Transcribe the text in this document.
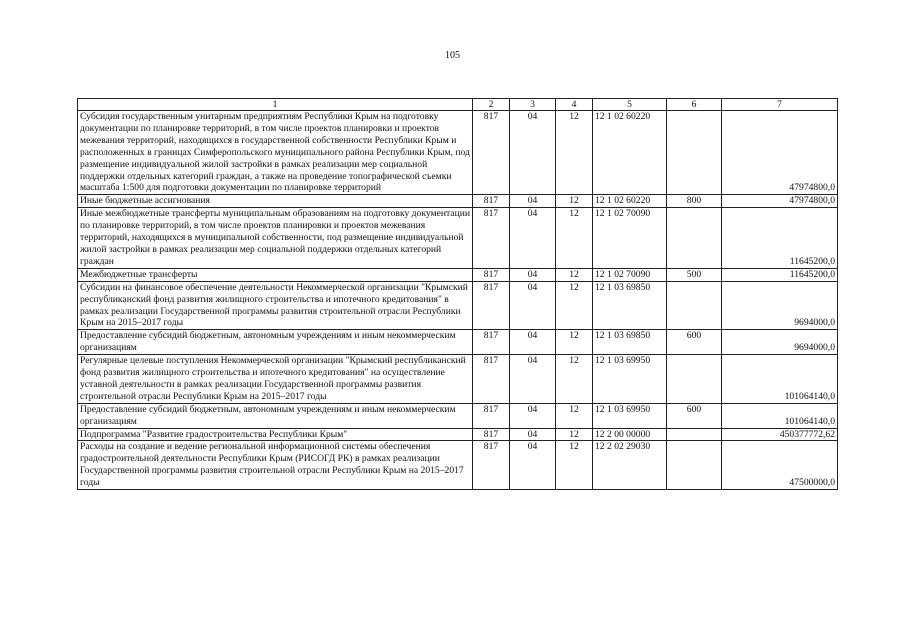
105
1	2	3	4	5	6	7
Субсидия государственным унитарным предприятиям Республики Крым на подготовку документации по планировке территорий, в том числе проектов планировки и проектов межевания территорий, находящихся в государственной собственности Республики Крым и расположенных в границах Симферопольского муниципального района Республики Крым, под размещение индивидуальной жилой застройки в рамках реализации мер социальной поддержки отдельных категорий граждан, а также на проведение топографической съемки масштаба 1:500 для подготовки документации по планировке территорий	817	04	12	12 1 02 60220		47974800,0
Иные бюджетные ассигнования	817	04	12	12 1 02 60220	800	47974800,0
Иные межбюджетные трансферты муниципальным образованиям на подготовку документации по планировке территорий, в том числе проектов планировки и проектов межевания территорий, находящихся в муниципальной собственности, под размещение индивидуальной жилой застройки в рамках реализации мер социальной поддержки отдельных категорий граждан	817	04	12	12 1 02 70090		11645200,0
Межбюджетные трансферты	817	04	12	12 1 02 70090	500	11645200,0
Субсидии на финансовое обеспечение деятельности Некоммерческой организации "Крымский республиканский фонд развития жилищного строительства и ипотечного кредитования" в рамках реализации Государственной программы развития строительной отрасли Республики Крым на 2015–2017 годы	817	04	12	12 1 03 69850		9694000,0
Предоставление субсидий бюджетным, автономным учреждениям и иным некоммерческим организациям	817	04	12	12 1 03 69850	600	9694000,0
Регулярные целевые поступления Некоммерческой организации "Крымский республиканский фонд развития жилищного строительства и ипотечного кредитования" на осуществление уставной деятельности в рамках реализации Государственной программы развития строительной отрасли Республики Крым на 2015–2017 годы	817	04	12	12 1 03 69950		101064140,0
Предоставление субсидий бюджетным, автономным учреждениям и иным некоммерческим организациям	817	04	12	12 1 03 69950	600	101064140,0
Подпрограмма "Развитие градостроительства Республики Крым"	817	04	12	12 2 00 00000		450377772,62
Расходы на создание и ведение региональной информационной системы обеспечения градостроительной деятельности Республики Крым (РИСОГД РК) в рамках реализации Государственной программы развития строительной отрасли Республики Крым на 2015–2017 годы	817	04	12	12 2 02 29030		47500000,0
